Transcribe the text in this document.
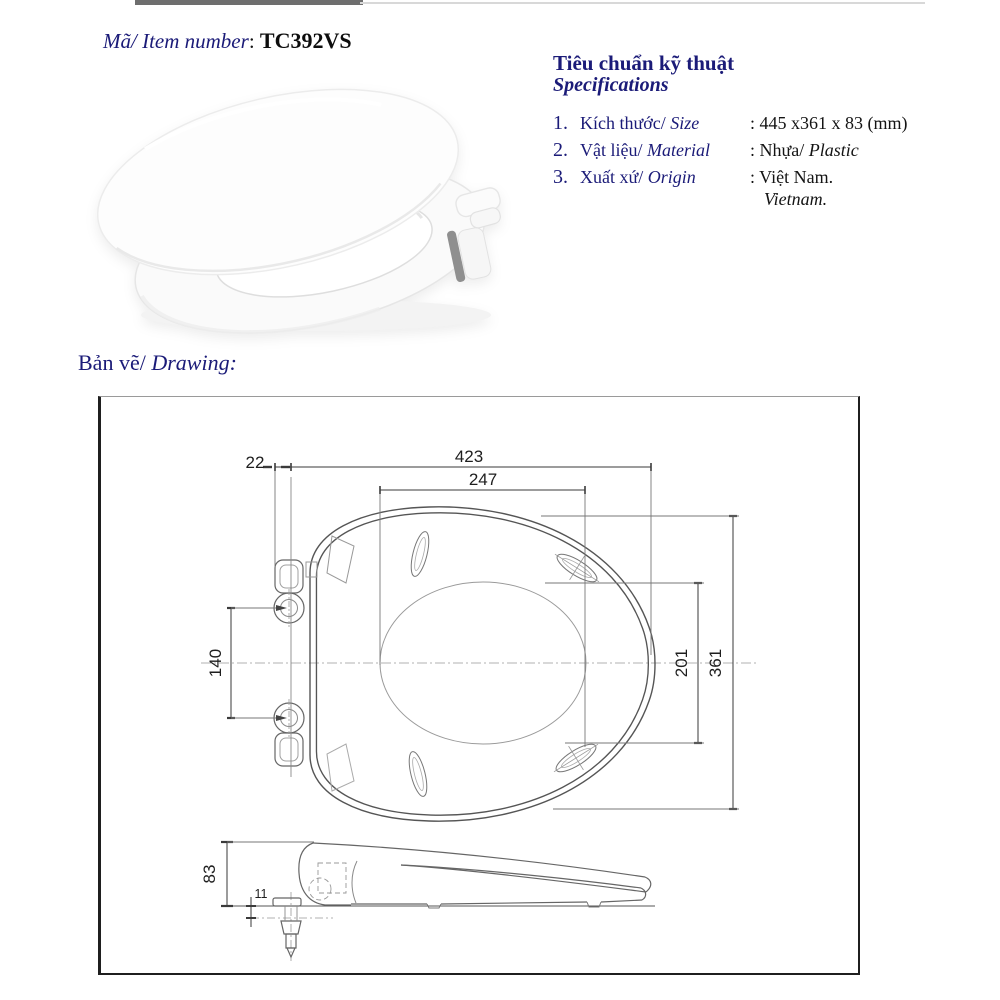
Mã/ Item number: TC392VS
Tiêu chuẩn kỹ thuật
Specifications
1. Kích thước/ Size	: 445 x361 x 83 (mm)
2. Vật liệu/ Material : Nhựa/ Plastic
3. Xuất xứ/ Origin	: Việt Nam.
Vietnam.
Bản vẽ/ Drawing:
22	423
247
140	201 361
83
11
